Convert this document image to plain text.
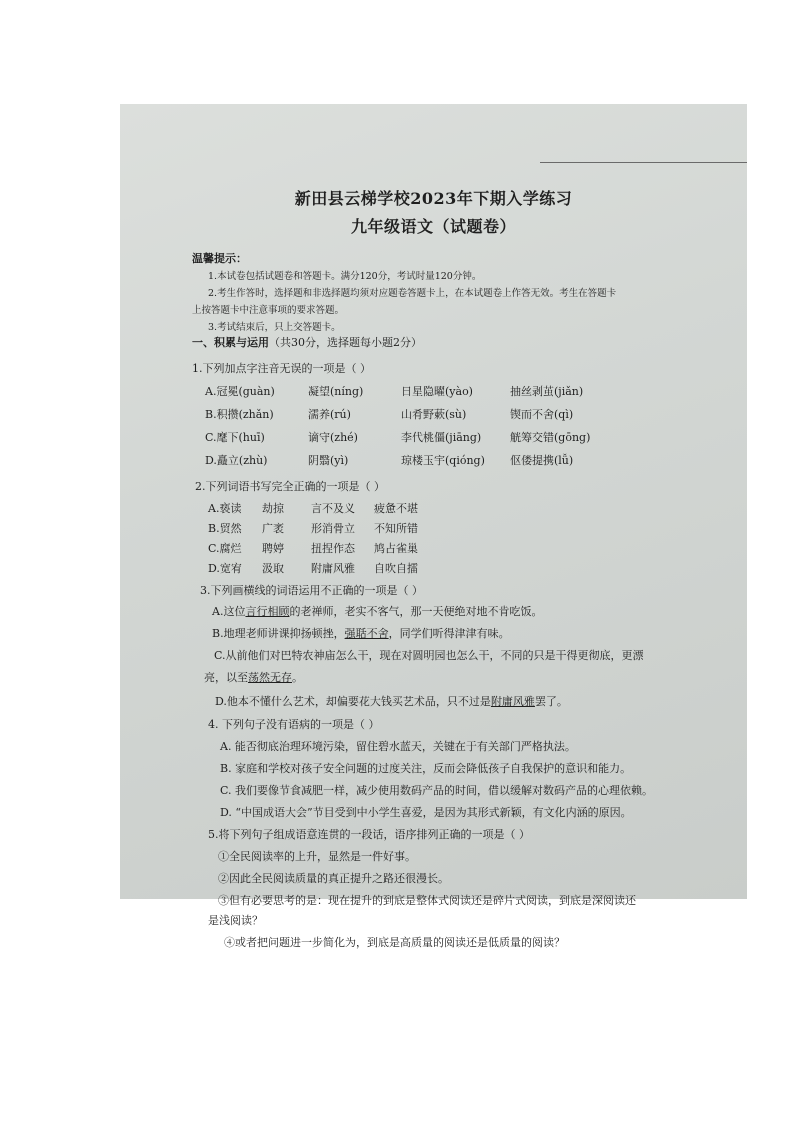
新田县云梯学校2023年下期入学练习
九年级语文（试题卷）
温馨提示：
1.本试卷包括试题卷和答题卡。满分120分，考试时量120分钟。
2.考生作答时，选择题和非选择题均须对应题卷答题卡上，在本试题卷上作答无效。考生在答题卡
上按答题卡中注意事项的要求答题。
3.考试结束后，只上交答题卡。
一、积累与运用（共30分，选择题每小题2分）
1.下列加点字注音无误的一项是（ ）
A.冠冕(guàn)	凝望(níng)	日星隐曜(yào)	抽丝剥茧(jiǎn)
B.积攒(zhǎn)	濡养(rú)	山肴野蔌(sù)	锲而不舍(qì)
C.麾下(huī)	谪守(zhé)	李代桃僵(jiāng)	觥筹交错(gōng)
D.矗立(zhù)	阴翳(yì)	琼楼玉宇(qióng) 伛偻提携(lǚ)
2.下列词语书写完全正确的一项是（ ）
A.亵读 劫掠 言不及义 疲惫不堪
B.贸然 广袤 形消骨立 不知所错
C.腐烂 聘婷 扭捏作态 鸠占雀巢
D.宽宥 汲取 附庸风雅 自吹自擂
3.下列画横线的词语运用不正确的一项是（ ）
A.这位言行相顾的老禅师，老实不客气，那一天便绝对地不肯吃饭。
B.地理老师讲课抑扬顿挫，强聒不舍，同学们听得津津有味。
C.从前他们对巴特农神庙怎么干，现在对圆明园也怎么干，不同的只是干得更彻底，更漂
亮，以至荡然无存。
D.他本不懂什么艺术，却偏要花大钱买艺术品，只不过是附庸风雅罢了。
4. 下列句子没有语病的一项是（ ）
A. 能否彻底治理环境污染，留住碧水蓝天，关键在于有关部门严格执法。
B. 家庭和学校对孩子安全问题的过度关注，反而会降低孩子自我保护的意识和能力。
C. 我们要像节食减肥一样，减少使用数码产品的时间，借以缓解对数码产品的心理依赖。
D. “中国成语大会”节目受到中小学生喜爱，是因为其形式新颖，有文化内涵的原因。
5.将下列句子组成语意连贯的一段话，语序排列正确的一项是（ ）
①全民阅读率的上升，显然是一件好事。
②因此全民阅读质量的真正提升之路还很漫长。
③但有必要思考的是：现在提升的到底是整体式阅读还是碎片式阅读，到底是深阅读还
是浅阅读？
④或者把问题进一步简化为，到底是高质量的阅读还是低质量的阅读？
